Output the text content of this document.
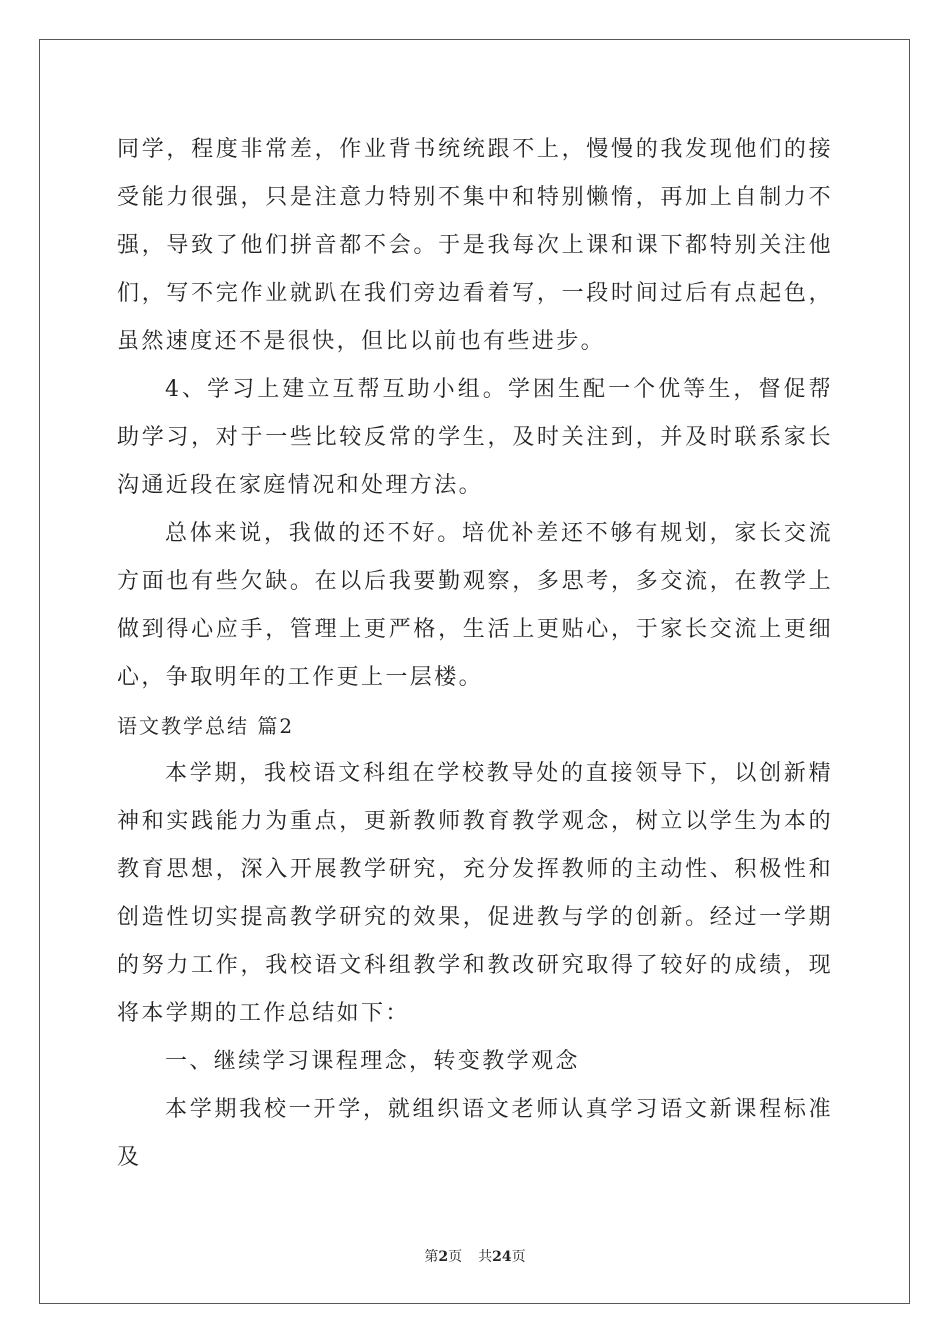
同学，程度非常差，作业背书统统跟不上，慢慢的我发现他们的接受能力很强，只是注意力特别不集中和特别懒惰，再加上自制力不强，导致了他们拼音都不会。于是我每次上课和课下都特别关注他们，写不完作业就趴在我们旁边看着写，一段时间过后有点起色，虽然速度还不是很快，但比以前也有些进步。

4、学习上建立互帮互助小组。学困生配一个优等生，督促帮助学习，对于一些比较反常的学生，及时关注到，并及时联系家长沟通近段在家庭情况和处理方法。

总体来说，我做的还不好。培优补差还不够有规划，家长交流方面也有些欠缺。在以后我要勤观察，多思考，多交流，在教学上做到得心应手，管理上更严格，生活上更贴心，于家长交流上更细心，争取明年的工作更上一层楼。

语文教学总结 篇2

本学期，我校语文科组在学校教导处的直接领导下，以创新精神和实践能力为重点，更新教师教育教学观念，树立以学生为本的教育思想，深入开展教学研究，充分发挥教师的主动性、积极性和创造性切实提高教学研究的效果，促进教与学的创新。经过一学期的努力工作，我校语文科组教学和教改研究取得了较好的成绩，现将本学期的工作总结如下：

一、继续学习课程理念，转变教学观念

本学期我校一开学，就组织语文老师认真学习语文新课程标准及

第2页 共24页
